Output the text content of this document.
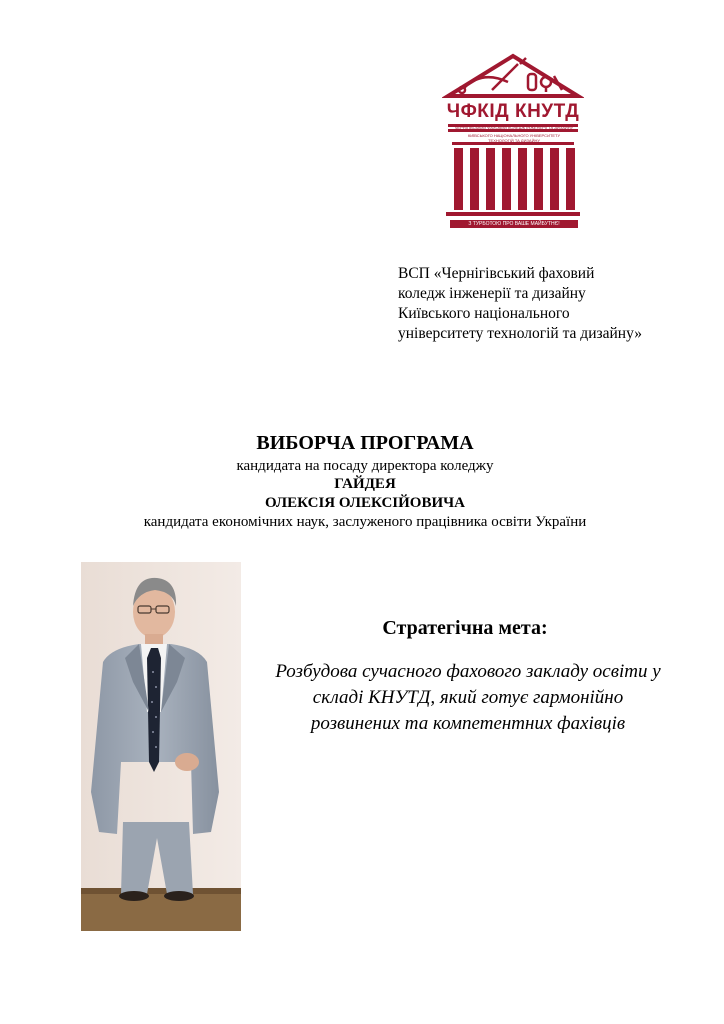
ЧФКІД КНУТД
ЧЕРНІГІВСЬКИЙ ФАХОВИЙ КОЛЕДЖ ІНЖЕНЕРІЇ ТА ДИЗАЙНУ
КИЇВСЬКОГО НАЦІОНАЛЬНОГО УНІВЕРСИТЕТУ
ТЕХНОЛОГІЙ ТА ДИЗАЙНУ
З ТУРБОТОЮ ПРО ВАШЕ МАЙБУТНЄ!
ВСП «Чернігівський фаховий
коледж інженерії та дизайну
Київського національного
університету технологій та дизайну»
ВИБОРЧА ПРОГРАМА
кандидата на посаду директора коледжу
ГАЙДЕЯ
ОЛЕКСІЯ ОЛЕКСІЙОВИЧА
кандидата економічних наук, заслуженого працівника освіти України
Стратегічна мета:
Розбудова сучасного фахового закладу освіти у
складі КНУТД, який готує гармонійно
розвинених та компетентних фахівців
